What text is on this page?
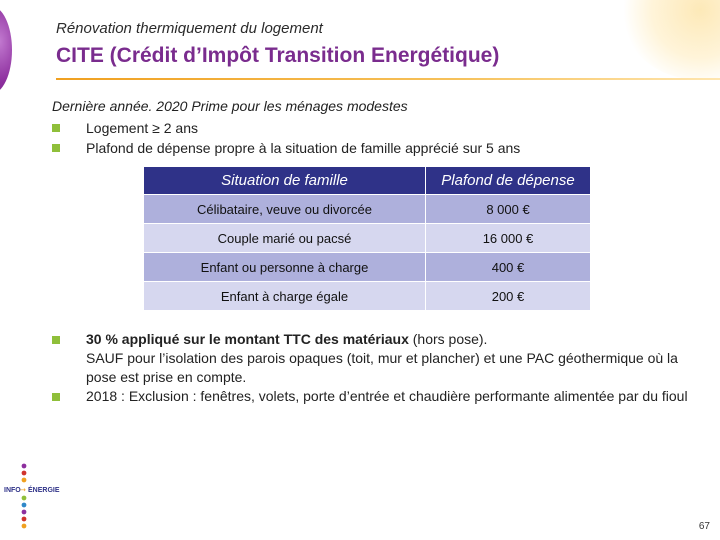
Rénovation thermiquement du logement
CITE (Crédit d’Impôt Transition Energétique)
Dernière année. 2020 Prime pour les ménages modestes
Logement ≥ 2 ans
Plafond de dépense propre à la situation de famille apprécié sur 5 ans
Situation de famille	Plafond de dépense
Célibataire, veuve ou divorcée	8 000 €
Couple marié ou pacsé	16 000 €
Enfant ou personne à charge	400 €
Enfant à charge égale	200 €
30 % appliqué sur le montant TTC des matériaux (hors pose).
SAUF pour l’isolation des parois opaques (toit, mur et plancher) et une PAC géothermique où la pose est prise en compte.
2018 : Exclusion : fenêtres, volets, porte d’entrée et chaudière performante alimentée par du fioul
INFO → ÉNERGIE
67
